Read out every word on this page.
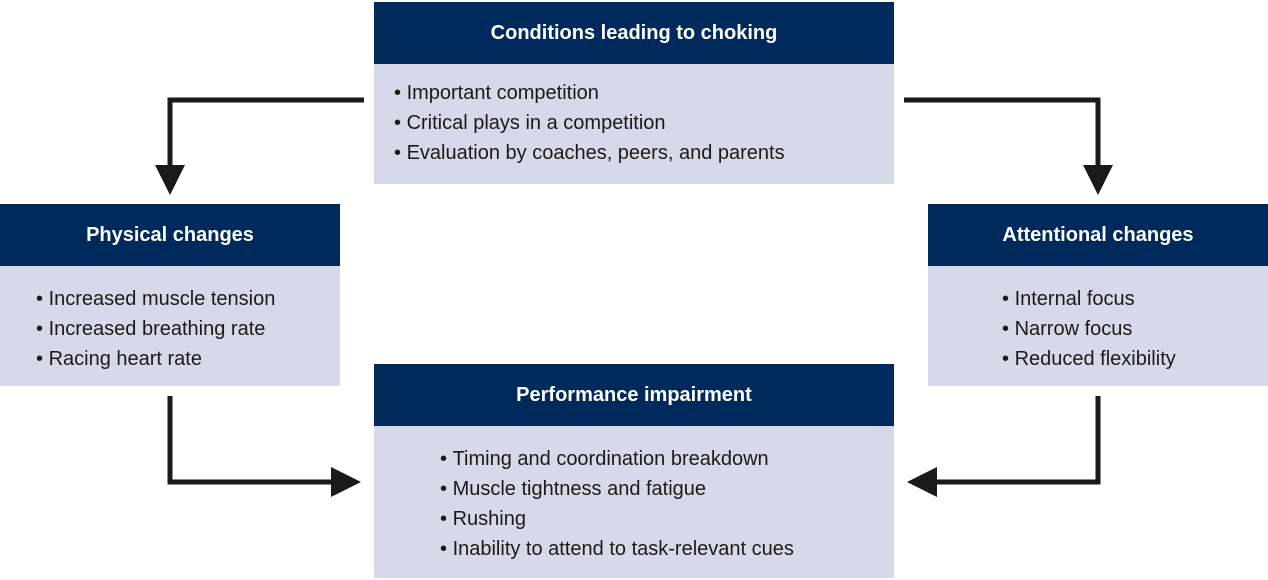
Conditions leading to choking
• Important competition
• Critical plays in a competition
• Evaluation by coaches, peers, and parents
Physical changes
• Increased muscle tension
• Increased breathing rate
• Racing heart rate
Attentional changes
• Internal focus
• Narrow focus
• Reduced flexibility
Performance impairment
• Timing and coordination breakdown
• Muscle tightness and fatigue
• Rushing
• Inability to attend to task-relevant cues
